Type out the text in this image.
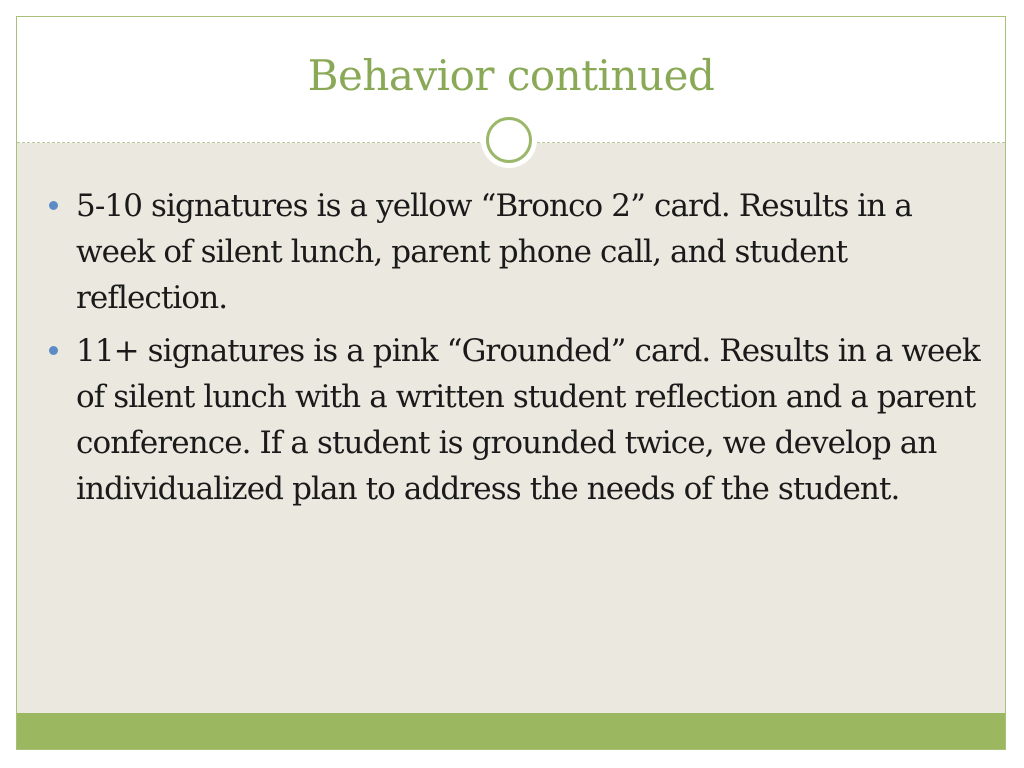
Behavior continued
5-10 signatures is a yellow “Bronco 2” card. Results in a week of silent lunch, parent phone call, and student reflection.
11+ signatures is a pink “Grounded” card. Results in a week of silent lunch with a written student reflection and a parent conference. If a student is grounded twice, we develop an individualized plan to address the needs of the student.
